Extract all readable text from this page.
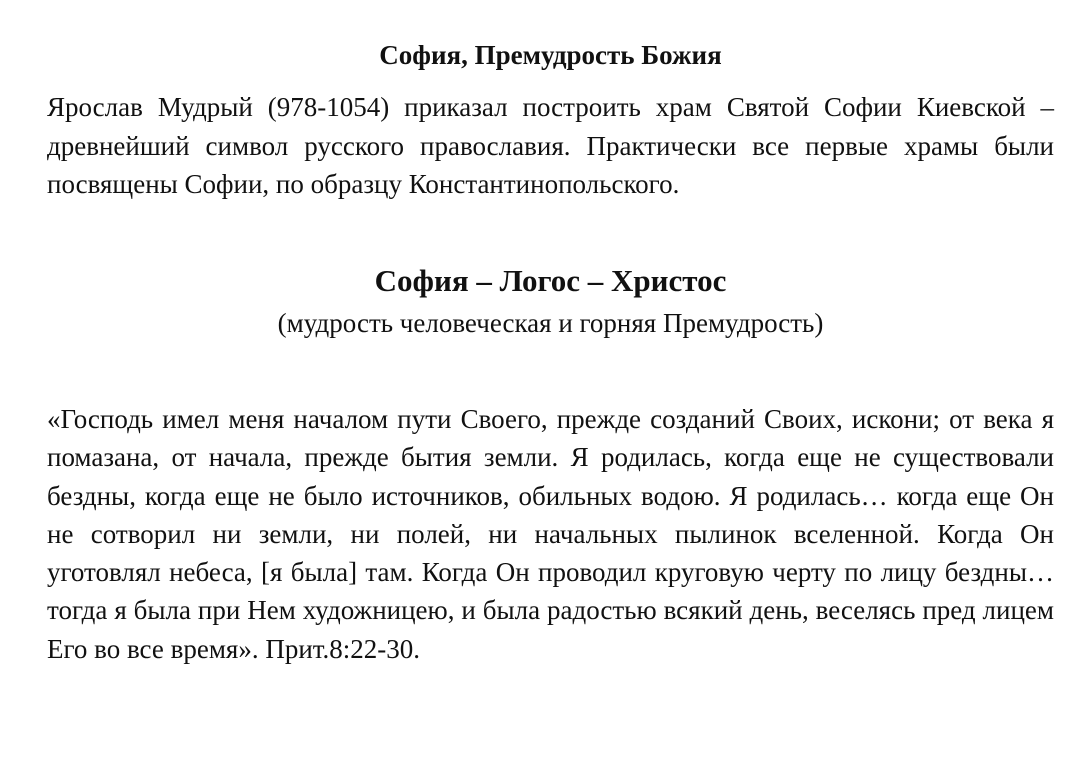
София, Премудрость Божия

Ярослав Мудрый (978-1054) приказал построить храм Святой Софии Киевской – древнейший символ русского православия. Практически все первые храмы были посвящены Софии, по образцу Константинопольского.

София – Логос – Христос
(мудрость человеческая и горняя Премудрость)

«Господь имел меня началом пути Своего, прежде созданий Своих, искони; от века я помазана, от начала, прежде бытия земли. Я родилась, когда еще не существовали бездны, когда еще не было источников, обильных водою. Я родилась… когда еще Он не сотворил ни земли, ни полей, ни начальных пылинок вселенной. Когда Он уготовлял небеса, [я была] там. Когда Он проводил круговую черту по лицу бездны… тогда я была при Нем художницею, и была радостью всякий день, веселясь пред лицем Его во все время». Прит.8:22-30.
